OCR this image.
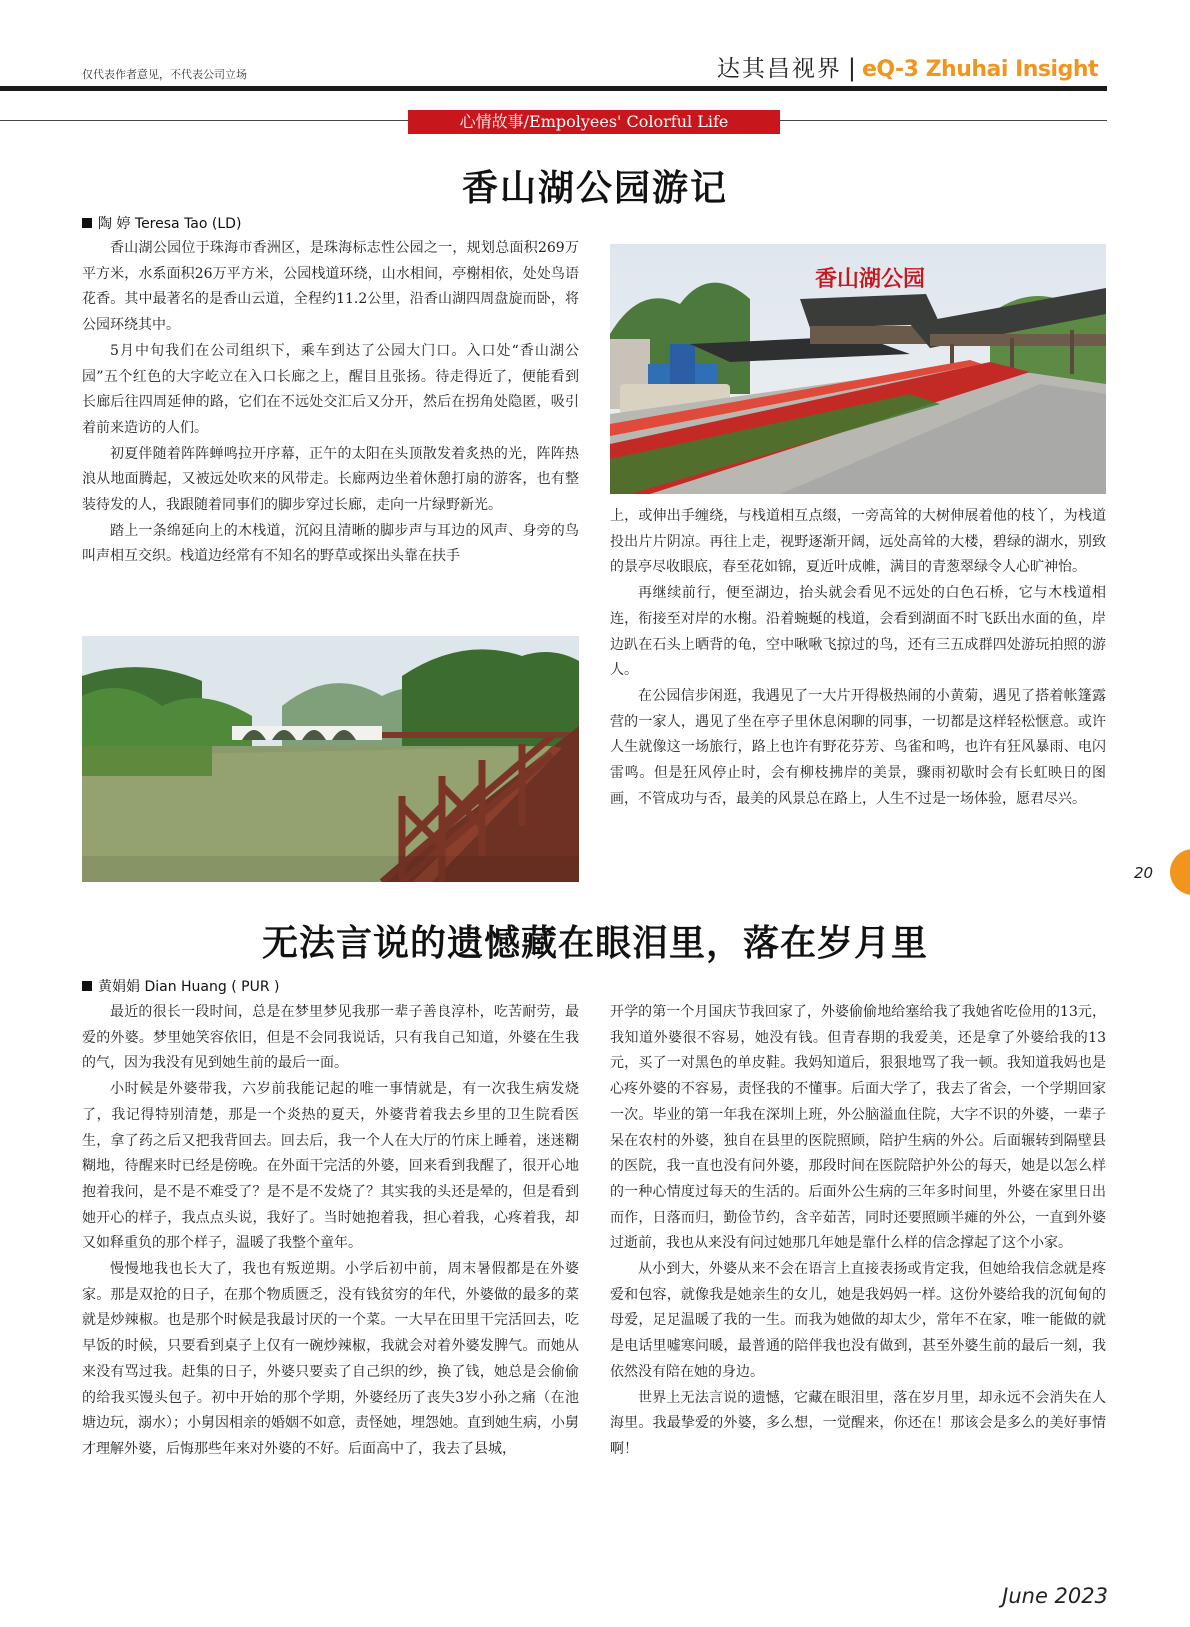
仅代表作者意见，不代表公司立场	达其昌视界 | eQ-3 Zhuhai Insight
心情故事/Empolyees' Colorful Life
香山湖公园游记
陶 婷 Teresa Tao (LD)

香山湖公园位于珠海市香洲区，是珠海标志性公园之一，规划总面积269万平方米，水系面积26万平方米，公园栈道环绕，山水相间，亭榭相依，处处鸟语花香。其中最著名的是香山云道，全程约11.2公里，沿香山湖四周盘旋而卧，将公园环绕其中。

5月中旬我们在公司组织下，乘车到达了公园大门口。入口处“香山湖公园”五个红色的大字屹立在入口长廊之上，醒目且张扬。待走得近了，便能看到长廊后往四周延伸的路，它们在不远处交汇后又分开，然后在拐角处隐匿，吸引着前来造访的人们。

初夏伴随着阵阵蝉鸣拉开序幕，正午的太阳在头顶散发着炙热的光，阵阵热浪从地面腾起，又被远处吹来的风带走。长廊两边坐着休憩打扇的游客，也有整装待发的人，我跟随着同事们的脚步穿过长廊，走向一片绿野新光。

踏上一条绵延向上的木栈道，沉闷且清晰的脚步声与耳边的风声、身旁的鸟叫声相互交织。栈道边经常有不知名的野草或探出头靠在扶手

香山湖公园

上，或伸出手缠绕，与栈道相互点缀，一旁高耸的大树伸展着他的枝丫，为栈道投出片片阴凉。再往上走，视野逐渐开阔，远处高耸的大楼，碧绿的湖水，别致的景亭尽收眼底，春至花如锦，夏近叶成帷，满目的青葱翠绿令人心旷神怡。

再继续前行，便至湖边，抬头就会看见不远处的白色石桥，它与木栈道相连，衔接至对岸的水榭。沿着蜿蜒的栈道，会看到湖面不时飞跃出水面的鱼，岸边趴在石头上晒背的龟，空中啾啾飞掠过的鸟，还有三五成群四处游玩拍照的游人。

在公园信步闲逛，我遇见了一大片开得极热闹的小黄菊，遇见了搭着帐篷露营的一家人，遇见了坐在亭子里休息闲聊的同事，一切都是这样轻松惬意。或许人生就像这一场旅行，路上也许有野花芬芳、鸟雀和鸣，也许有狂风暴雨、电闪雷鸣。但是狂风停止时，会有柳枝拂岸的美景，骤雨初歇时会有长虹映日的图画，不管成功与否，最美的风景总在路上，人生不过是一场体验，愿君尽兴。

无法言说的遗憾藏在眼泪里，落在岁月里
黄娟娟 Dian Huang ( PUR )

最近的很长一段时间，总是在梦里梦见我那一辈子善良淳朴，吃苦耐劳，最爱的外婆。梦里她笑容依旧，但是不会同我说话，只有我自己知道，外婆在生我的气，因为我没有见到她生前的最后一面。

小时候是外婆带我，六岁前我能记起的唯一事情就是，有一次我生病发烧了，我记得特别清楚，那是一个炎热的夏天，外婆背着我去乡里的卫生院看医生，拿了药之后又把我背回去。回去后，我一个人在大厅的竹床上睡着，迷迷糊糊地，待醒来时已经是傍晚。在外面干完活的外婆，回来看到我醒了，很开心地抱着我问，是不是不难受了？是不是不发烧了？其实我的头还是晕的，但是看到她开心的样子，我点点头说，我好了。当时她抱着我，担心着我，心疼着我，却又如释重负的那个样子，温暖了我整个童年。

慢慢地我也长大了，我也有叛逆期。小学后初中前，周末暑假都是在外婆家。那是双抢的日子，在那个物质匮乏，没有钱贫穷的年代，外婆做的最多的菜就是炒辣椒。也是那个时候是我最讨厌的一个菜。一大早在田里干完活回去，吃早饭的时候，只要看到桌子上仅有一碗炒辣椒，我就会对着外婆发脾气。而她从来没有骂过我。赶集的日子，外婆只要卖了自己织的纱，换了钱，她总是会偷偷的给我买馒头包子。初中开始的那个学期，外婆经历了丧失3岁小孙之痛（在池塘边玩，溺水）；小舅因相亲的婚姻不如意，责怪她，埋怨她。直到她生病，小舅才理解外婆，后悔那些年来对外婆的不好。后面高中了，我去了县城，

开学的第一个月国庆节我回家了，外婆偷偷地给塞给我了我她省吃俭用的13元，我知道外婆很不容易，她没有钱。但青春期的我爱美，还是拿了外婆给我的13元，买了一对黑色的单皮鞋。我妈知道后，狠狠地骂了我一顿。我知道我妈也是心疼外婆的不容易，责怪我的不懂事。后面大学了，我去了省会，一个学期回家一次。毕业的第一年我在深圳上班，外公脑溢血住院，大字不识的外婆，一辈子呆在农村的外婆，独自在县里的医院照顾，陪护生病的外公。后面辗转到隔壁县的医院，我一直也没有问外婆，那段时间在医院陪护外公的每天，她是以怎么样的一种心情度过每天的生活的。后面外公生病的三年多时间里，外婆在家里日出而作，日落而归，勤俭节约，含辛茹苦，同时还要照顾半瘫的外公，一直到外婆过逝前，我也从来没有问过她那几年她是靠什么样的信念撑起了这个小家。

从小到大，外婆从来不会在语言上直接表扬或肯定我，但她给我信念就是疼爱和包容，就像我是她亲生的女儿，她是我妈妈一样。这份外婆给我的沉甸甸的母爱，足足温暖了我的一生。而我为她做的却太少，常年不在家，唯一能做的就是电话里嘘寒问暖，最普通的陪伴我也没有做到，甚至外婆生前的最后一刻，我依然没有陪在她的身边。

世界上无法言说的遗憾，它藏在眼泪里，落在岁月里，却永远不会消失在人海里。我最挚爱的外婆，多么想，一觉醒来，你还在！那该会是多么的美好事情啊！

20
June 2023
